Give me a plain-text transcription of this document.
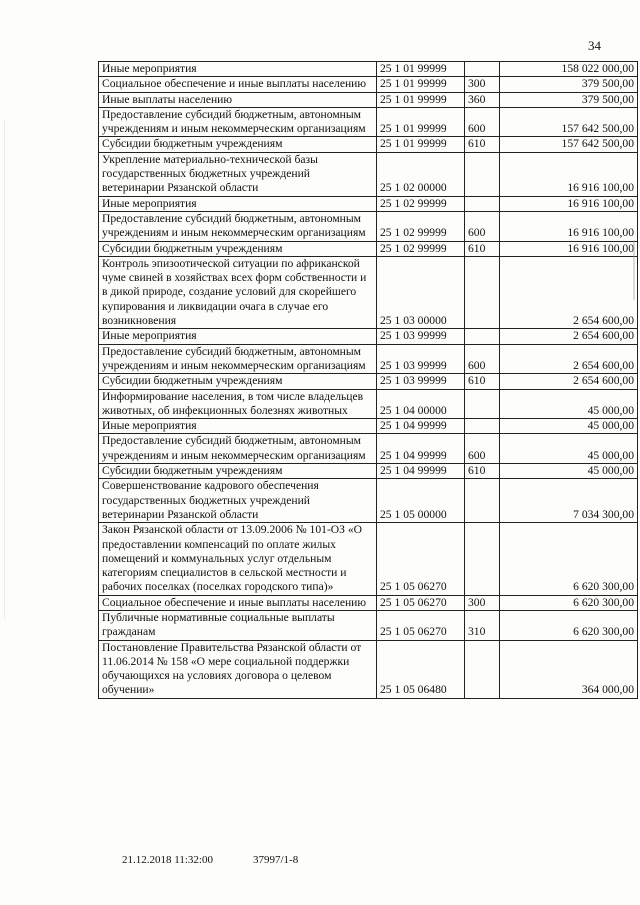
34
Иные мероприятия	25 1 01 99999		158 022 000,00
Социальное обеспечение и иные выплаты населению	25 1 01 99999	300	379 500,00
Иные выплаты населению	25 1 01 99999	360	379 500,00
Предоставление субсидий бюджетным, автономным учреждениям и иным некоммерческим организациям	25 1 01 99999	600	157 642 500,00
Субсидии бюджетным учреждениям	25 1 01 99999	610	157 642 500,00
Укрепление материально-технической базы государственных бюджетных учреждений ветеринарии Рязанской области	25 1 02 00000		16 916 100,00
Иные мероприятия	25 1 02 99999		16 916 100,00
Предоставление субсидий бюджетным, автономным учреждениям и иным некоммерческим организациям	25 1 02 99999	600	16 916 100,00
Субсидии бюджетным учреждениям	25 1 02 99999	610	16 916 100,00
Контроль эпизоотической ситуации по африканской чуме свиней в хозяйствах всех форм собственности и в дикой природе, создание условий для скорейшего купирования и ликвидации очага в случае его возникновения	25 1 03 00000		2 654 600,00
Иные мероприятия	25 1 03 99999		2 654 600,00
Предоставление субсидий бюджетным, автономным учреждениям и иным некоммерческим организациям	25 1 03 99999	600	2 654 600,00
Субсидии бюджетным учреждениям	25 1 03 99999	610	2 654 600,00
Информирование населения, в том числе владельцев животных, об инфекционных болезнях животных	25 1 04 00000		45 000,00
Иные мероприятия	25 1 04 99999		45 000,00
Предоставление субсидий бюджетным, автономным учреждениям и иным некоммерческим организациям	25 1 04 99999	600	45 000,00
Субсидии бюджетным учреждениям	25 1 04 99999	610	45 000,00
Совершенствование кадрового обеспечения государственных бюджетных учреждений ветеринарии Рязанской области	25 1 05 00000		7 034 300,00
Закон Рязанской области от 13.09.2006 № 101-ОЗ «О предоставлении компенсаций по оплате жилых помещений и коммунальных услуг отдельным категориям специалистов в сельской местности и рабочих поселках (поселках городского типа)»	25 1 05 06270		6 620 300,00
Социальное обеспечение и иные выплаты населению	25 1 05 06270	300	6 620 300,00
Публичные нормативные социальные выплаты гражданам	25 1 05 06270	310	6 620 300,00
Постановление Правительства Рязанской области от 11.06.2014 № 158 «О мере социальной поддержки обучающихся на условиях договора о целевом обучении»	25 1 05 06480		364 000,00
21.12.2018 11:32:00	37997/1-8
